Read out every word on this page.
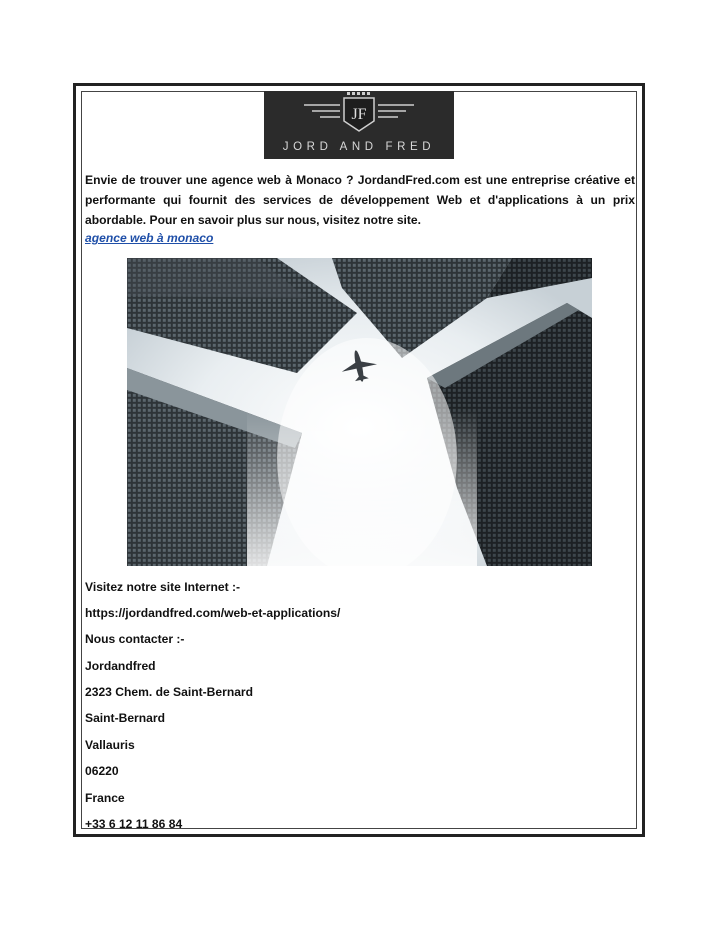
JF
JORD AND FRED

Envie de trouver une agence web à Monaco ? JordandFred.com est une entreprise créative et performante qui fournit des services de développement Web et d'applications à un prix abordable. Pour en savoir plus sur nous, visitez notre site.

agence web à monaco

Visitez notre site Internet :-

https://jordandfred.com/web-et-applications/

Nous contacter :-

Jordandfred

2323 Chem. de Saint-Bernard

Saint-Bernard

Vallauris

06220

France

+33 6 12 11 86 84
